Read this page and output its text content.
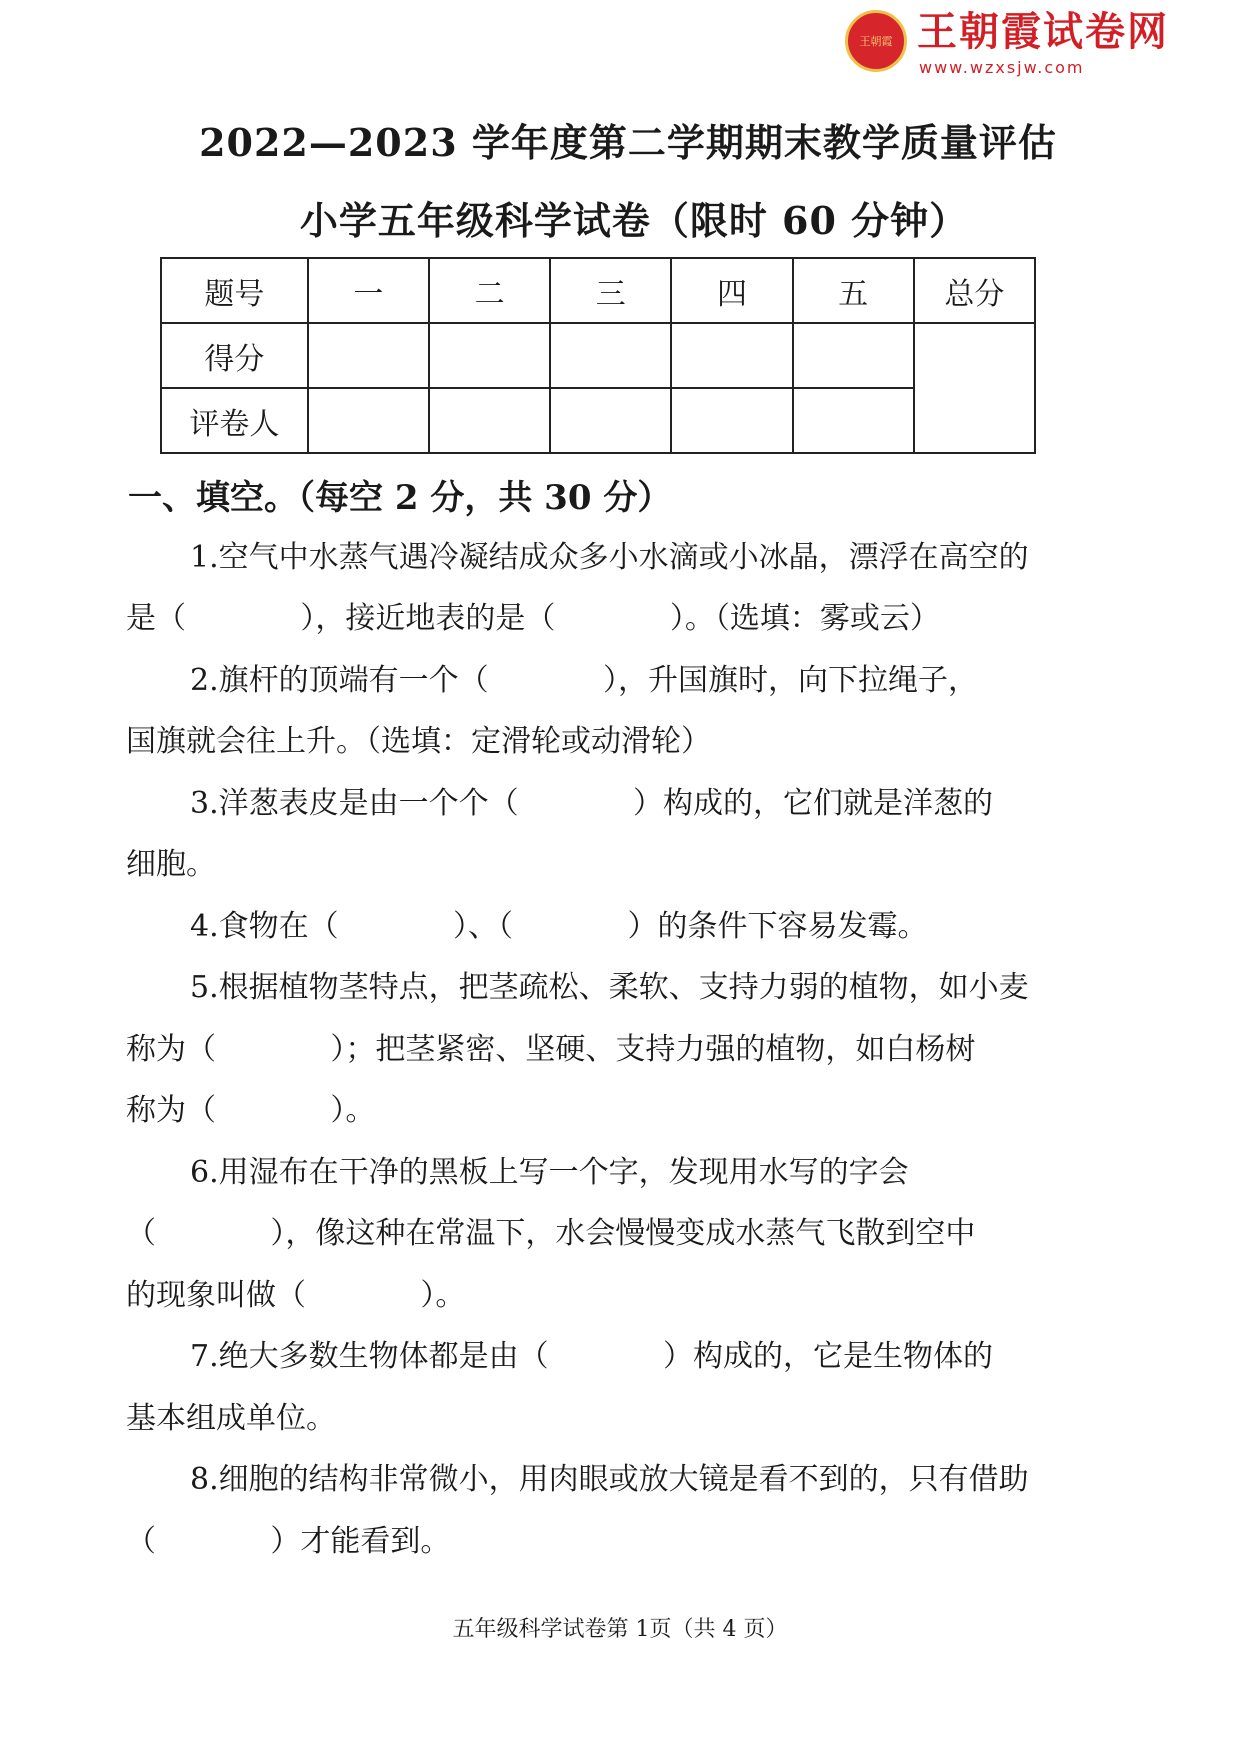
王朝霞 王朝霞试卷网
www.wzxsjw.com
2022—2023 学年度第二学期期末教学质量评估
小学五年级科学试卷（限时 60 分钟）
题号	一	二	三	四	五	总分
得分						
评卷人						
一、填空。（每空 2 分，共 30 分）
1.空气中水蒸气遇冷凝结成众多小水滴或小冰晶，漂浮在高空的
是（            ），接近地表的是（            ）。（选填：雾或云）
2.旗杆的顶端有一个（            ），升国旗时，向下拉绳子，
国旗就会往上升。（选填：定滑轮或动滑轮）
3.洋葱表皮是由一个个（            ）构成的，它们就是洋葱的
细胞。
4.食物在（            ）、（            ）的条件下容易发霉。
5.根据植物茎特点，把茎疏松、柔软、支持力弱的植物，如小麦
称为（            ）；把茎紧密、坚硬、支持力强的植物，如白杨树
称为（            ）。
6.用湿布在干净的黑板上写一个字，发现用水写的字会
（            ），像这种在常温下，水会慢慢变成水蒸气飞散到空中
的现象叫做（            ）。
7.绝大多数生物体都是由（            ）构成的，它是生物体的
基本组成单位。
8.细胞的结构非常微小，用肉眼或放大镜是看不到的，只有借助
（            ）才能看到。
五年级科学试卷第 1页（共 4 页）
